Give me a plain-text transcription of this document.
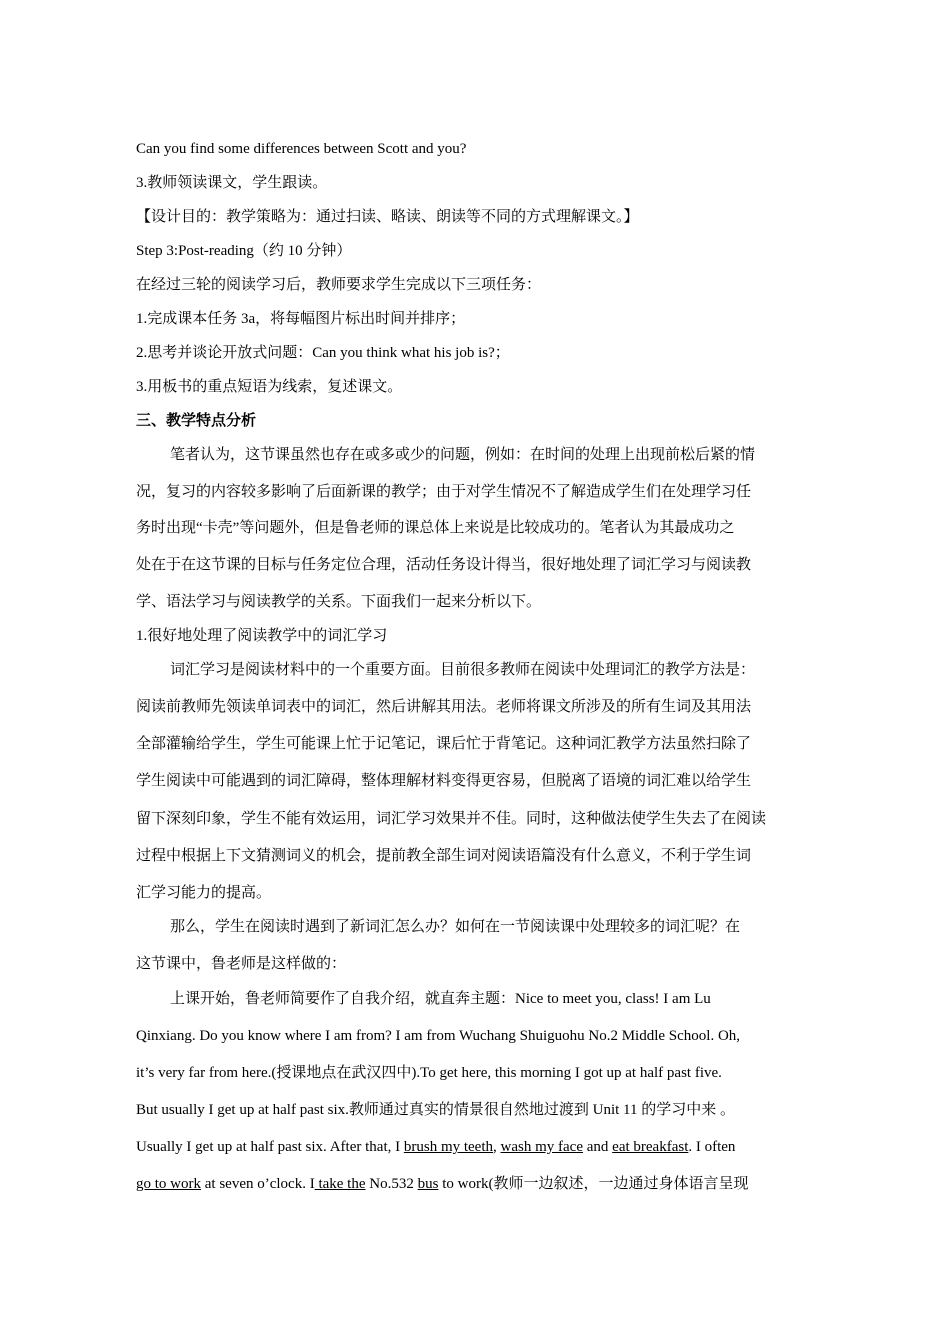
Can you find some differences between Scott and you?
3.教师领读课文，学生跟读。
【设计目的：教学策略为：通过扫读、略读、朗读等不同的方式理解课文。】
Step 3:Post-reading（约 10 分钟）
在经过三轮的阅读学习后，教师要求学生完成以下三项任务：
1.完成课本任务 3a，将每幅图片标出时间并排序；
2.思考并谈论开放式问题：Can you think what his job is?；
3.用板书的重点短语为线索，复述课文。
三、教学特点分析
笔者认为，这节课虽然也存在或多或少的问题，例如：在时间的处理上出现前松后紧的情
况，复习的内容较多影响了后面新课的教学；由于对学生情况不了解造成学生们在处理学习任
务时出现“卡壳”等问题外，但是鲁老师的课总体上来说是比较成功的。笔者认为其最成功之
处在于在这节课的目标与任务定位合理，活动任务设计得当，很好地处理了词汇学习与阅读教
学、语法学习与阅读教学的关系。下面我们一起来分析以下。
1.很好地处理了阅读教学中的词汇学习
词汇学习是阅读材料中的一个重要方面。目前很多教师在阅读中处理词汇的教学方法是：
阅读前教师先领读单词表中的词汇，然后讲解其用法。老师将课文所涉及的所有生词及其用法
全部灌输给学生，学生可能课上忙于记笔记，课后忙于背笔记。这种词汇教学方法虽然扫除了
学生阅读中可能遇到的词汇障碍，整体理解材料变得更容易，但脱离了语境的词汇难以给学生
留下深刻印象，学生不能有效运用，词汇学习效果并不佳。同时，这种做法使学生失去了在阅读
过程中根据上下文猜测词义的机会，提前教全部生词对阅读语篇没有什么意义，不利于学生词
汇学习能力的提高。
那么，学生在阅读时遇到了新词汇怎么办？如何在一节阅读课中处理较多的词汇呢？在
这节课中，鲁老师是这样做的：
上课开始，鲁老师简要作了自我介绍，就直奔主题：Nice to meet you, class! I am Lu
Qinxiang. Do you know where I am from? I am from Wuchang Shuiguohu No.2 Middle School. Oh,
it’s very far from here.(授课地点在武汉四中).To get here, this morning I got up at half past five.
But usually I get up at half past six.教师通过真实的情景很自然地过渡到 Unit 11 的学习中来 。
Usually I get up at half past six. After that, I brush my teeth, wash my face and eat breakfast. I often
go to work at seven o’clock. I take the No.532 bus to work(教师一边叙述，一边通过身体语言呈现
